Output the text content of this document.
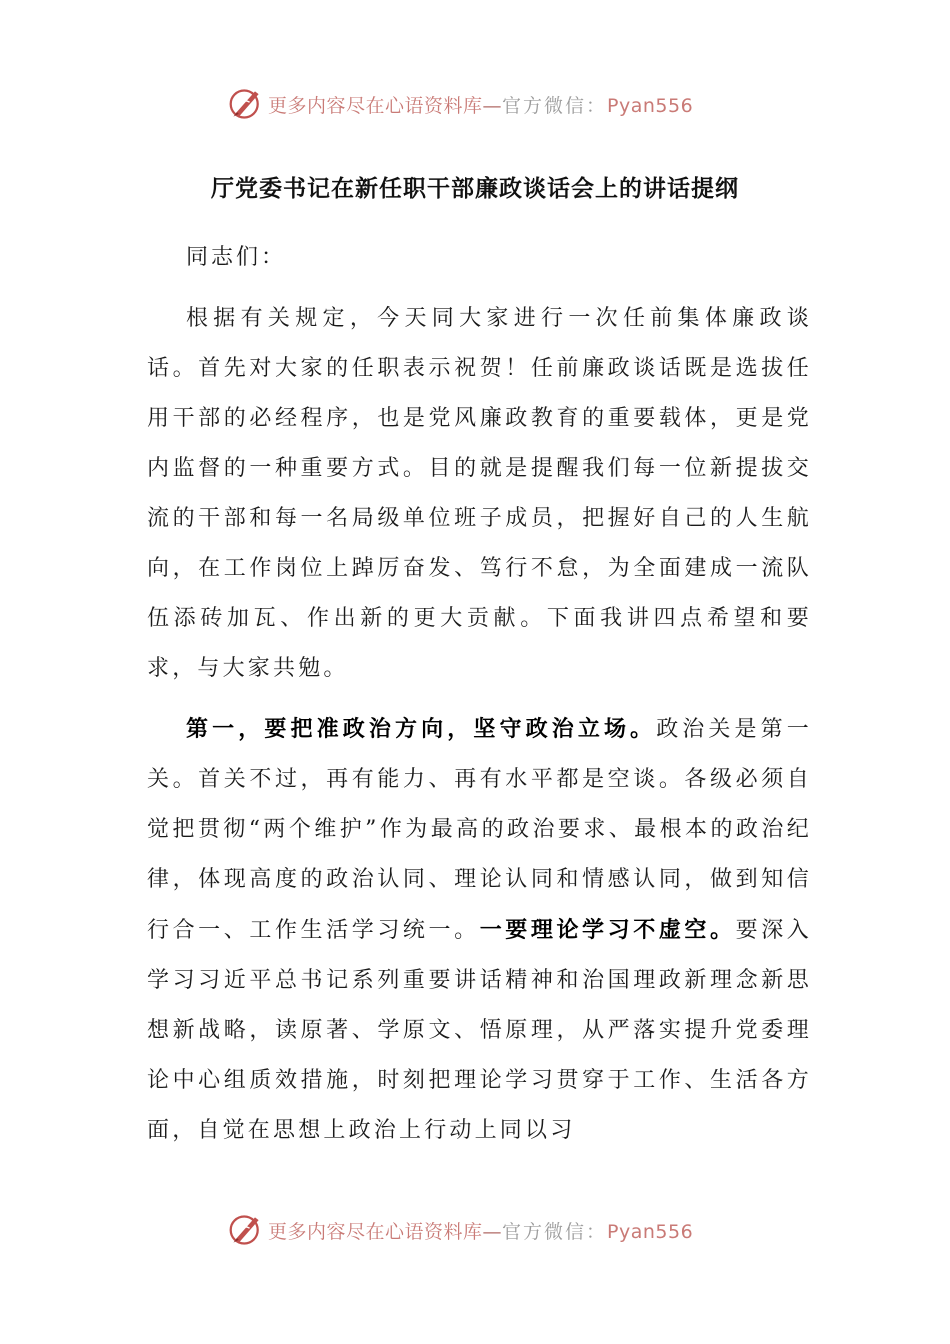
更多内容尽在心语资料库—官方微信：Pyan556
厅党委书记在新任职干部廉政谈话会上的讲话提纲
同志们：
根据有关规定，今天同大家进行一次任前集体廉政谈话。首先对大家的任职表示祝贺！任前廉政谈话既是选拔任用干部的必经程序，也是党风廉政教育的重要载体，更是党内监督的一种重要方式。目的就是提醒我们每一位新提拔交流的干部和每一名局级单位班子成员，把握好自己的人生航向，在工作岗位上踔厉奋发、笃行不怠，为全面建成一流队伍添砖加瓦、作出新的更大贡献。下面我讲四点希望和要求，与大家共勉。
第一，要把准政治方向，坚守政治立场。政治关是第一关。首关不过，再有能力、再有水平都是空谈。各级必须自觉把贯彻“两个维护”作为最高的政治要求、最根本的政治纪律，体现高度的政治认同、理论认同和情感认同，做到知信行合一、工作生活学习统一。一要理论学习不虚空。要深入学习习近平总书记系列重要讲话精神和治国理政新理念新思想新战略，读原著、学原文、悟原理，从严落实提升党委理论中心组质效措施，时刻把理论学习贯穿于工作、生活各方面，自觉在思想上政治上行动上同以习
更多内容尽在心语资料库—官方微信：Pyan556
